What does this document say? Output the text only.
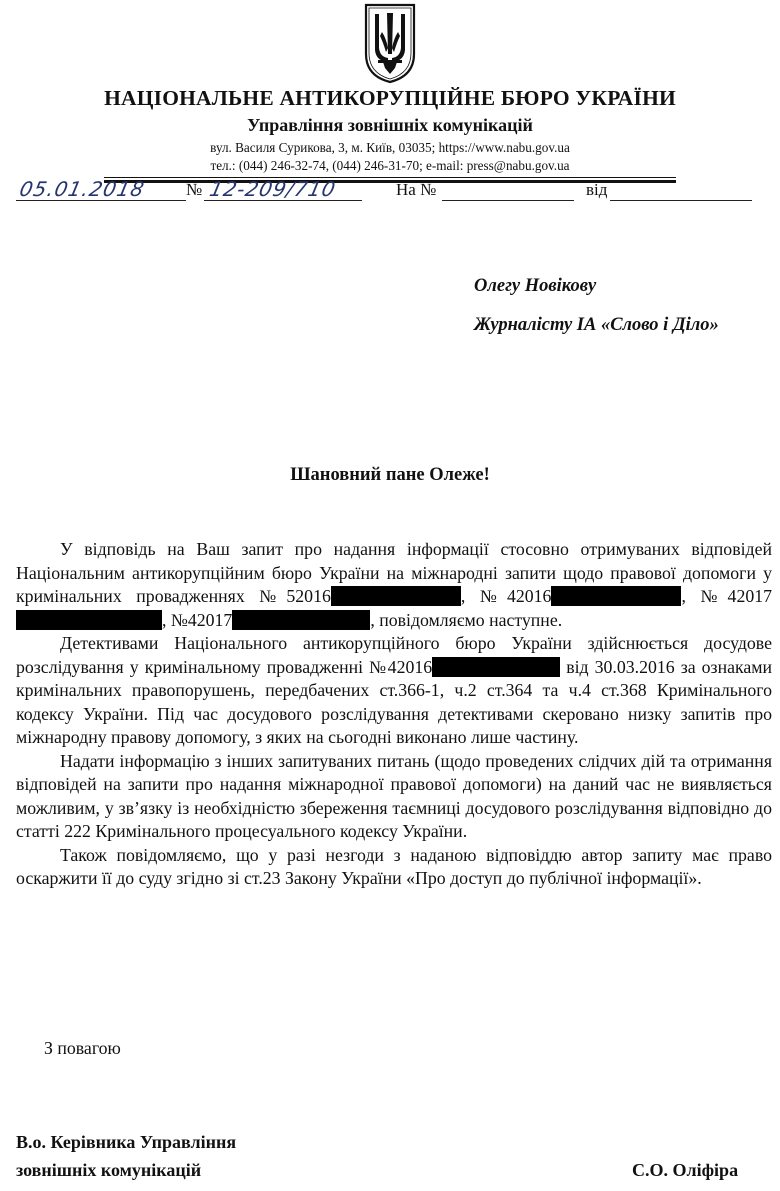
НАЦІОНАЛЬНЕ АНТИКОРУПЦІЙНЕ БЮРО УКРАЇНИ
Управління зовнішніх комунікацій
вул. Василя Сурикова, 3, м. Київ, 03035; https://www.nabu.gov.ua
тел.: (044) 246-32-74, (044) 246-31-70; e-mail: press@nabu.gov.ua
05.01.2018 № 12-209/710	На №	від
Олегу Новікову
Журналісту ІА «Слово і Діло»
Шановний пане Олеже!

У відповідь на Ваш запит про надання інформації стосовно отримуваних відповідей Національним антикорупційним бюро України на міжнародні запити щодо правової допомоги у кримінальних провадженнях №52016	, №42016	, №42017, №42017	, повідомляємо наступне.

Детективами Національного антикорупційного бюро України здійснюється досудове розслідування у кримінальному провадженні №42016	від 30.03.2016 за ознаками кримінальних правопорушень, передбачених ст.366-1, ч.2 ст.364 та ч.4 ст.368 Кримінального кодексу України. Під час досудового розслідування детективами скеровано низку запитів про міжнародну правову допомогу, з яких на сьогодні виконано лише частину.

Надати інформацію з інших запитуваних питань (щодо проведених слідчих дій та отримання відповідей на запити про надання міжнародної правової допомоги) на даний час не виявляється можливим, у зв’язку із необхідністю збереження таємниці досудового розслідування відповідно до статті 222 Кримінального процесуального кодексу України.

Також повідомляємо, що у разі незгоди з наданою відповіддю автор запиту має право оскаржити її до суду згідно зі ст.23 Закону України «Про доступ до публічної інформації».

З повагою
В.о. Керівника Управління
зовнішніх комунікацій	С.О. Оліфіра
